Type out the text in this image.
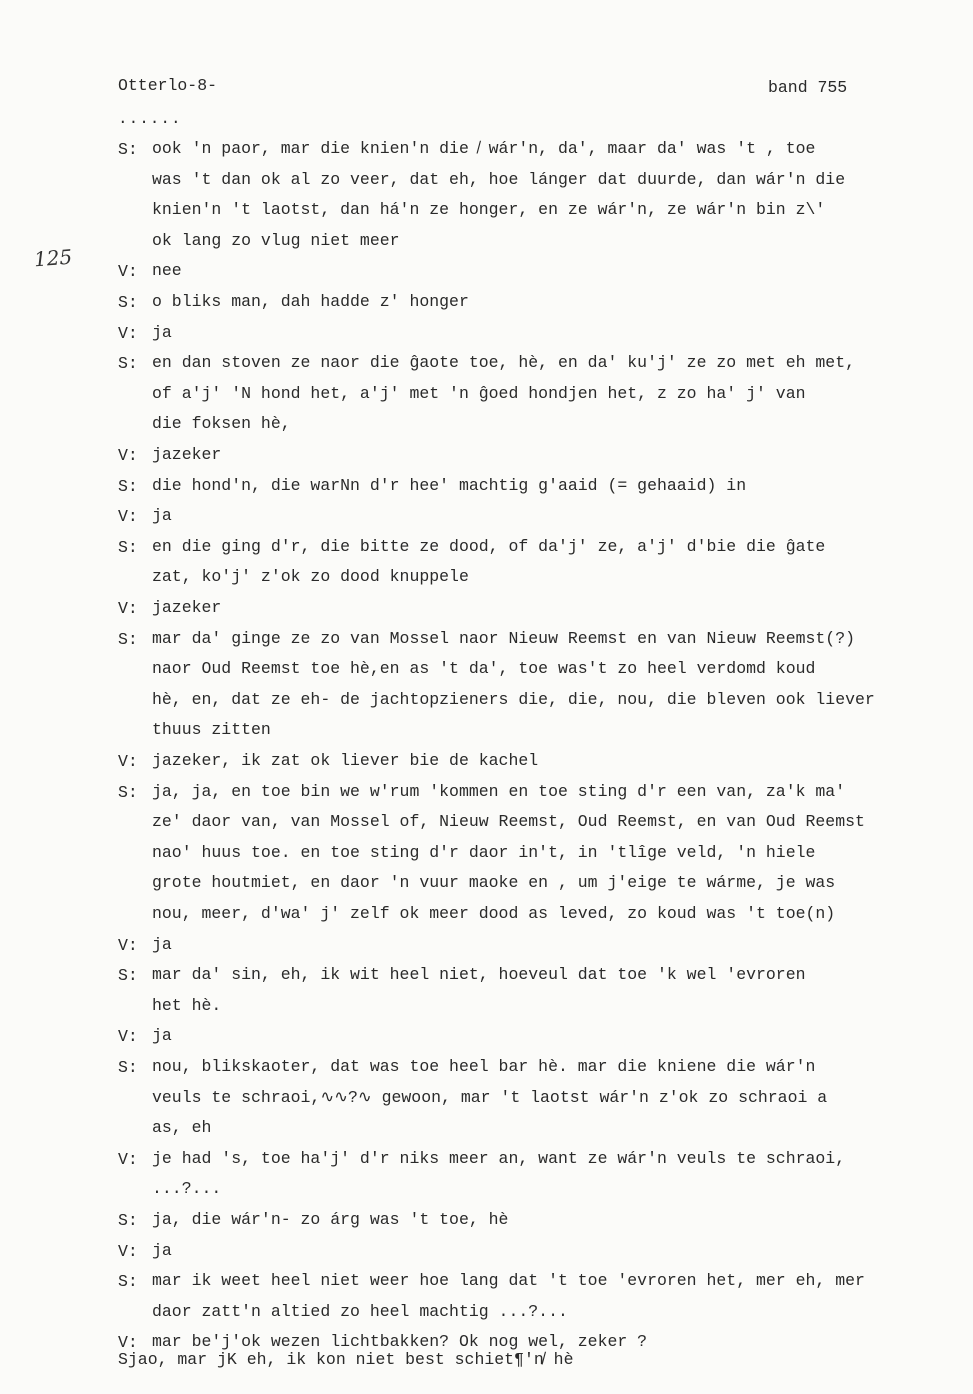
Otterlo-8-	band 755
......
125
S: ook 'n paor, mar die knien'n die ̸ wár'n, da', maar da' was 't , toe
was 't dan ok al zo veer, dat eh, hoe lánger dat duurde, dan wár'n die
knien'n 't laotst, dan há'n ze honger, en ze wár'n, ze wár'n bin z\'
ok lang zo vlug niet meer
V: nee
S: o bliks man, dah hadde z' honger
V: ja
S: en dan stoven ze naor die ĝaote toe, hè, en da' ku'j' ze zo met eh met,
of a'j' 'N hond het, a'j' met 'n ĝoed hondjen het, z zo ha' j' van
die foksen hè,
V: jazeker
S: die hond'n, die warNn d'r hee' machtig g'aaid (= gehaaid) in
V: ja
S: en die ging d'r, die bitte ze dood, of da'j' ze, a'j' d'bie die ĝate
zat, ko'j' z'ok zo dood knuppele
V: jazeker
S: mar da' ginge ze zo van Mossel naor Nieuw Reemst en van Nieuw Reemst(?)
naor Oud Reemst toe hè,en as 't da', toe was't zo heel verdomd koud
hè, en, dat ze eh- de jachtopzieners die, die, nou, die bleven ook liever
thuus zitten
V: jazeker, ik zat ok liever bie de kachel
S: ja, ja, en toe bin we w'rum 'kommen en toe sting d'r een van, za'k ma'
ze' daor van, van Mossel of, Nieuw Reemst, Oud Reemst, en van Oud Reemst
nao' huus toe. en toe sting d'r daor in't, in 'tlîge veld, 'n hiele
grote houtmiet, en daor 'n vuur maoke en , um j'eige te wárme, je was
nou, meer, d'wa' j' zelf ok meer dood as leved, zo koud was 't toe(n)
V: ja
S: mar da' sin, eh, ik wit heel niet, hoeveul dat toe 'k wel 'evroren
het hè.
V: ja
S: nou, blikskaoter, dat was toe heel bar hè. mar die kniene die wár'n
veuls te schraoi,∿∿?∿ gewoon, mar 't laotst wár'n z'ok zo schraoi a
as, eh
V: je had 's, toe ha'j' d'r niks meer an, want ze wár'n veuls te schraoi,
...?...
S: ja, die wár'n- zo árg was 't toe, hè
V: ja
S: mar ik weet heel niet weer hoe lang dat 't toe 'evroren het, mer eh, mer
daor zatt'n altied zo heel machtig ...?...
V: mar be'j'ok wezen lichtbakken? Ok nog wel, zeker ?
Sjao, mar jK eh, ik kon niet best schiet¶'n̸ hè
